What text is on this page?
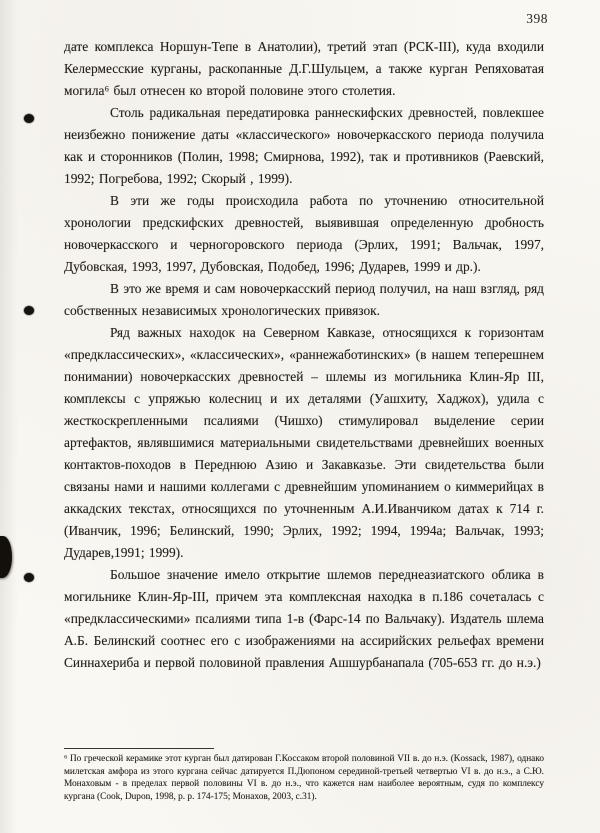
398

дате комплекса Норшун-Тепе в Анатолии), третий этап (РСК-III), куда входили Келермесские курганы, раскопанные Д.Г.Шульцем, а также курган Репяховатая могила⁶ был отнесен ко второй половине этого столетия.

Столь радикальная передатировка раннескифских древностей, повлекшее неизбежно понижение даты «классического» новочеркасского периода получила как и сторонников (Полин, 1998; Смирнова, 1992), так и противников (Раевский, 1992; Погребова, 1992; Скорый , 1999).

В эти же годы происходила работа по уточнению относительной хронологии предскифских древностей, выявившая определенную дробность новочеркасского и черногоровского периода (Эрлих, 1991; Вальчак, 1997, Дубовская, 1993, 1997, Дубовская, Подобед, 1996; Дударев, 1999 и др.).

В это же время и сам новочеркасский период получил, на наш взгляд, ряд собственных независимых хронологических привязок.

Ряд важных находок на Северном Кавказе, относящихся к горизонтам «предклассических», «классических», «раннежаботинских» (в нашем теперешнем понимании) новочеркасских древностей – шлемы из могильника Клин-Яр III, комплексы с упряжью колесниц и их деталями (Уашхиту, Хаджох), удила с жесткоскрепленными псалиями (Чишхо) стимулировал выделение серии артефактов, являвшимися материальными свидетельствами древнейших военных контактов-походов в Переднюю Азию и Закавказье. Эти свидетельства были связаны нами и нашими коллегами с древнейшим упоминанием о киммерийцах в аккадских текстах, относящихся по уточненным А.И.Иванчиком датах к 714 г. (Иванчик, 1996; Белинский, 1990; Эрлих, 1992; 1994, 1994а; Вальчак, 1993; Дударев,1991; 1999).

Большое значение имело открытие шлемов переднеазиатского облика в могильнике Клин-Яр-III, причем эта комплексная находка в п.186 сочеталась с «предклассическими» псалиями типа 1-в (Фарс-14 по Вальчаку). Издатель шлема А.Б. Белинский соотнес его с изображениями на ассирийских рельефах времени Синнахериба и первой половиной правления Ашшурбанапала (705-653 гг. до н.э.)

⁶ По греческой керамике этот курган был датирован Г.Коссаком второй половиной VII в. до н.э. (Kossack, 1987), однако милетская амфора из этого кургана сейчас датируется П.Дюпоном серединой-третьей четвертью VI в. до н.э., а С.Ю. Монаховым - в пределах первой половины VI в. до н.э., что кажется нам наиболее вероятным, судя по комплексу кургана (Cook, Dupon, 1998, р. р. 174-175; Монахов, 2003, с.31).
